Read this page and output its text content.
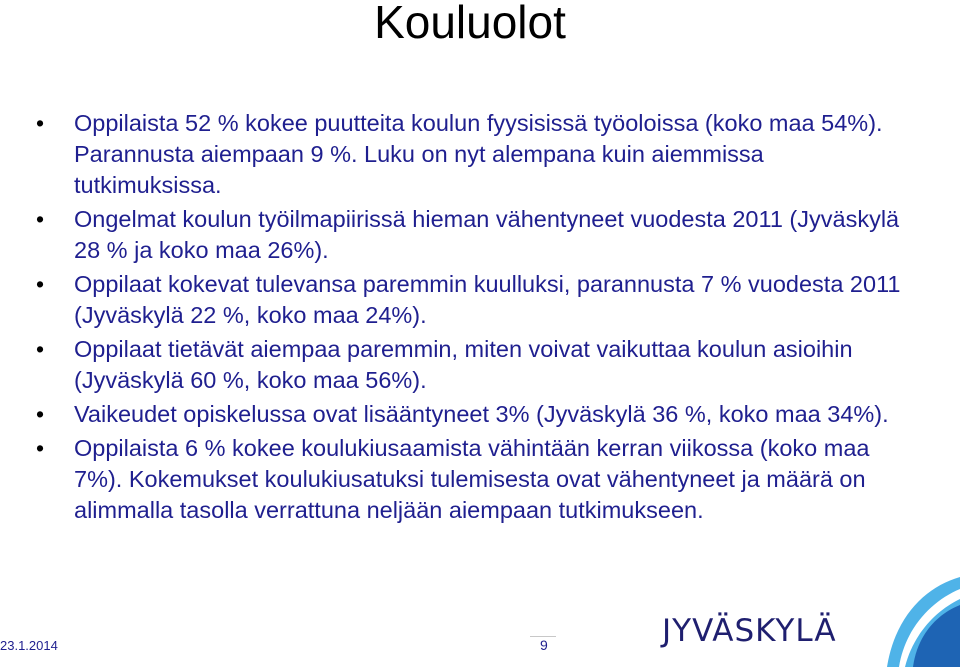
Kouluolot
• Oppilaista 52 % kokee puutteita koulun fyysisissä työoloissa (koko maa 54%). Parannusta aiempaan 9 %. Luku on nyt alempana kuin aiemmissa tutkimuksissa.
• Ongelmat koulun työilmapiirissä hieman vähentyneet vuodesta 2011 (Jyväskylä 28 % ja koko maa 26%).
• Oppilaat kokevat tulevansa paremmin kuulluksi, parannusta 7 % vuodesta 2011 (Jyväskylä 22 %, koko maa 24%).
• Oppilaat tietävät aiempaa paremmin, miten voivat vaikuttaa koulun asioihin (Jyväskylä 60 %, koko maa 56%).
• Vaikeudet opiskelussa ovat lisääntyneet 3% (Jyväskylä 36 %, koko maa 34%).
• Oppilaista 6 % kokee koulukiusaamista vähintään kerran viikossa (koko maa 7%). Kokemukset koulukiusatuksi tulemisesta ovat vähentyneet ja määrä on alimmalla tasolla verrattuna neljään aiempaan tutkimukseen.
23.1.2014	9	JYVÄSKYLÄ
